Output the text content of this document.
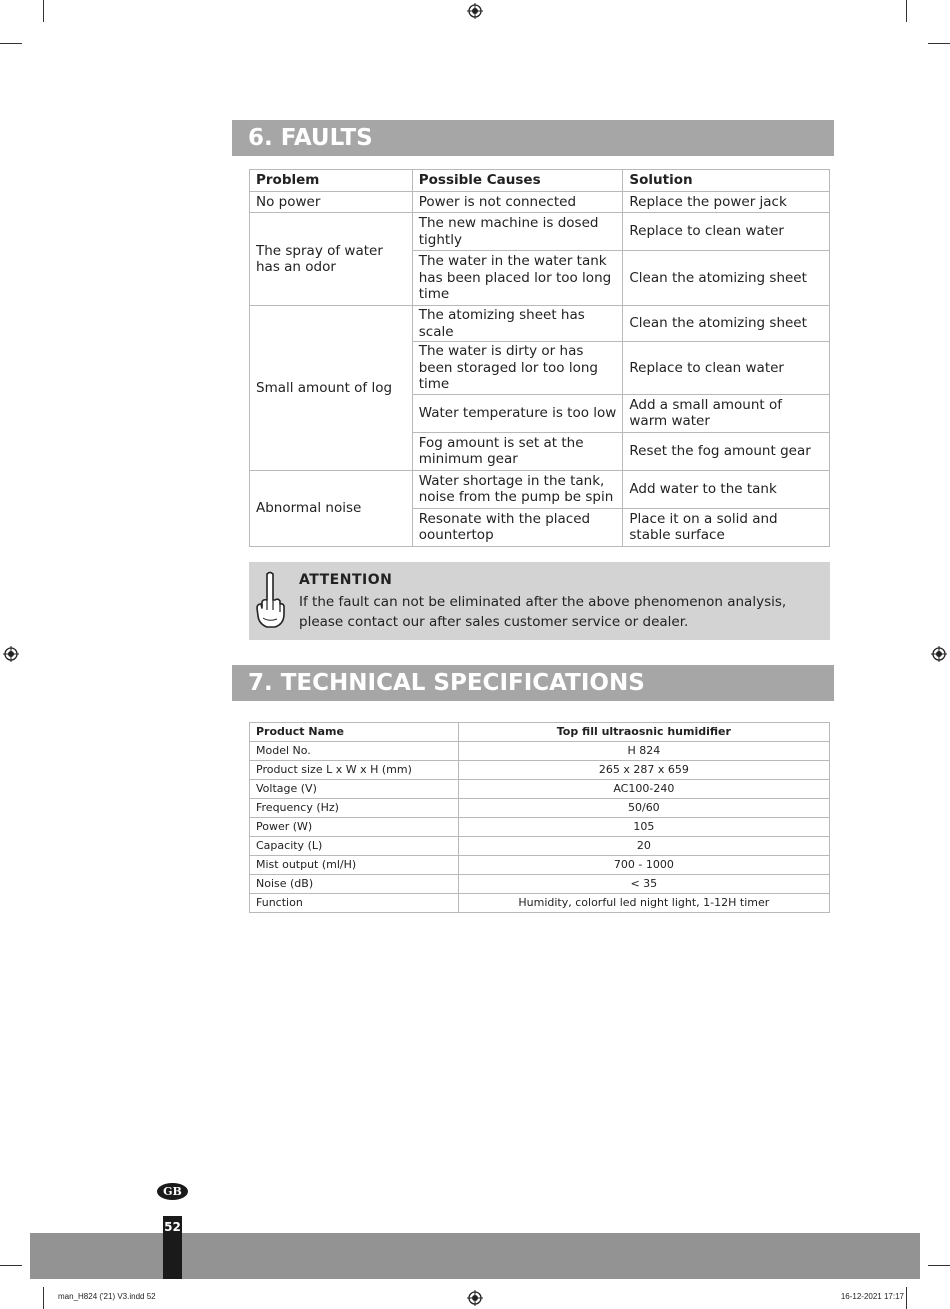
6. FAULTS
Problem	Possible Causes	Solution
No power	Power is not connected	Replace the power jack
The spray of water has an odor	The new machine is dosed tightly	Replace to clean water
	The water in the water tank has been placed lor too long time	Clean the atomizing sheet
Small amount of log	The atomizing sheet has scale	Clean the atomizing sheet
	The water is dirty or has been storaged lor too long time	Replace to clean water
	Water temperature is too low	Add a small amount of warm water
	Fog amount is set at the minimum gear	Reset the fog amount gear
Abnormal noise	Water shortage in the tank, noise from the pump be spin	Add water to the tank
	Resonate with the placed oountertop	Place it on a solid and stable surface
ATTENTION
If the fault can not be eliminated after the above phenomenon analysis, please contact our after sales customer service or dealer.
7. TECHNICAL SPECIFICATIONS
Product Name	Top fill ultraosnic humidifier
Model No.	H 824
Product size L x W x H (mm)	265 x 287 x 659
Voltage (V)	AC100-240
Frequency (Hz)	50/60
Power (W)	105
Capacity (L)	20
Mist output (ml/H)	700 - 1000
Noise (dB)	< 35
Function	Humidity, colorful led night light, 1-12H timer
GB
52
man_H824 ('21) V3.indd 52	16-12-2021 17:17
